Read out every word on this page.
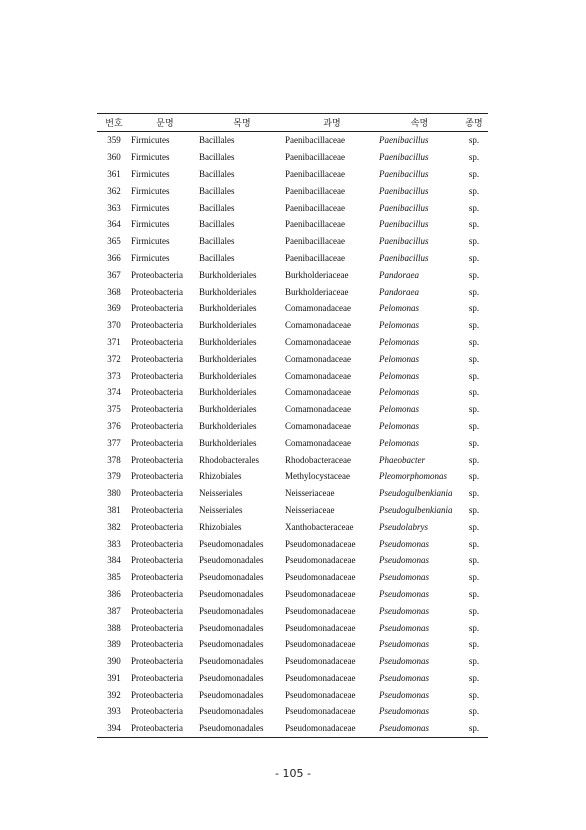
번호	문명	목명	과명	속명	종명
359	Firmicutes	Bacillales	Paenibacillaceae	Paenibacillus	sp.
360	Firmicutes	Bacillales	Paenibacillaceae	Paenibacillus	sp.
361	Firmicutes	Bacillales	Paenibacillaceae	Paenibacillus	sp.
362	Firmicutes	Bacillales	Paenibacillaceae	Paenibacillus	sp.
363	Firmicutes	Bacillales	Paenibacillaceae	Paenibacillus	sp.
364	Firmicutes	Bacillales	Paenibacillaceae	Paenibacillus	sp.
365	Firmicutes	Bacillales	Paenibacillaceae	Paenibacillus	sp.
366	Firmicutes	Bacillales	Paenibacillaceae	Paenibacillus	sp.
367	Proteobacteria	Burkholderiales	Burkholderiaceae	Pandoraea	sp.
368	Proteobacteria	Burkholderiales	Burkholderiaceae	Pandoraea	sp.
369	Proteobacteria	Burkholderiales	Comamonadaceae	Pelomonas	sp.
370	Proteobacteria	Burkholderiales	Comamonadaceae	Pelomonas	sp.
371	Proteobacteria	Burkholderiales	Comamonadaceae	Pelomonas	sp.
372	Proteobacteria	Burkholderiales	Comamonadaceae	Pelomonas	sp.
373	Proteobacteria	Burkholderiales	Comamonadaceae	Pelomonas	sp.
374	Proteobacteria	Burkholderiales	Comamonadaceae	Pelomonas	sp.
375	Proteobacteria	Burkholderiales	Comamonadaceae	Pelomonas	sp.
376	Proteobacteria	Burkholderiales	Comamonadaceae	Pelomonas	sp.
377	Proteobacteria	Burkholderiales	Comamonadaceae	Pelomonas	sp.
378	Proteobacteria	Rhodobacterales	Rhodobacteraceae	Phaeobacter	sp.
379	Proteobacteria	Rhizobiales	Methylocystaceae	Pleomorphomonas	sp.
380	Proteobacteria	Neisseriales	Neisseriaceae	Pseudogulbenkiania	sp.
381	Proteobacteria	Neisseriales	Neisseriaceae	Pseudogulbenkiania	sp.
382	Proteobacteria	Rhizobiales	Xanthobacteraceae	Pseudolabrys	sp.
383	Proteobacteria	Pseudomonadales	Pseudomonadaceae	Pseudomonas	sp.
384	Proteobacteria	Pseudomonadales	Pseudomonadaceae	Pseudomonas	sp.
385	Proteobacteria	Pseudomonadales	Pseudomonadaceae	Pseudomonas	sp.
386	Proteobacteria	Pseudomonadales	Pseudomonadaceae	Pseudomonas	sp.
387	Proteobacteria	Pseudomonadales	Pseudomonadaceae	Pseudomonas	sp.
388	Proteobacteria	Pseudomonadales	Pseudomonadaceae	Pseudomonas	sp.
389	Proteobacteria	Pseudomonadales	Pseudomonadaceae	Pseudomonas	sp.
390	Proteobacteria	Pseudomonadales	Pseudomonadaceae	Pseudomonas	sp.
391	Proteobacteria	Pseudomonadales	Pseudomonadaceae	Pseudomonas	sp.
392	Proteobacteria	Pseudomonadales	Pseudomonadaceae	Pseudomonas	sp.
393	Proteobacteria	Pseudomonadales	Pseudomonadaceae	Pseudomonas	sp.
394	Proteobacteria	Pseudomonadales	Pseudomonadaceae	Pseudomonas	sp.
- 105 -
